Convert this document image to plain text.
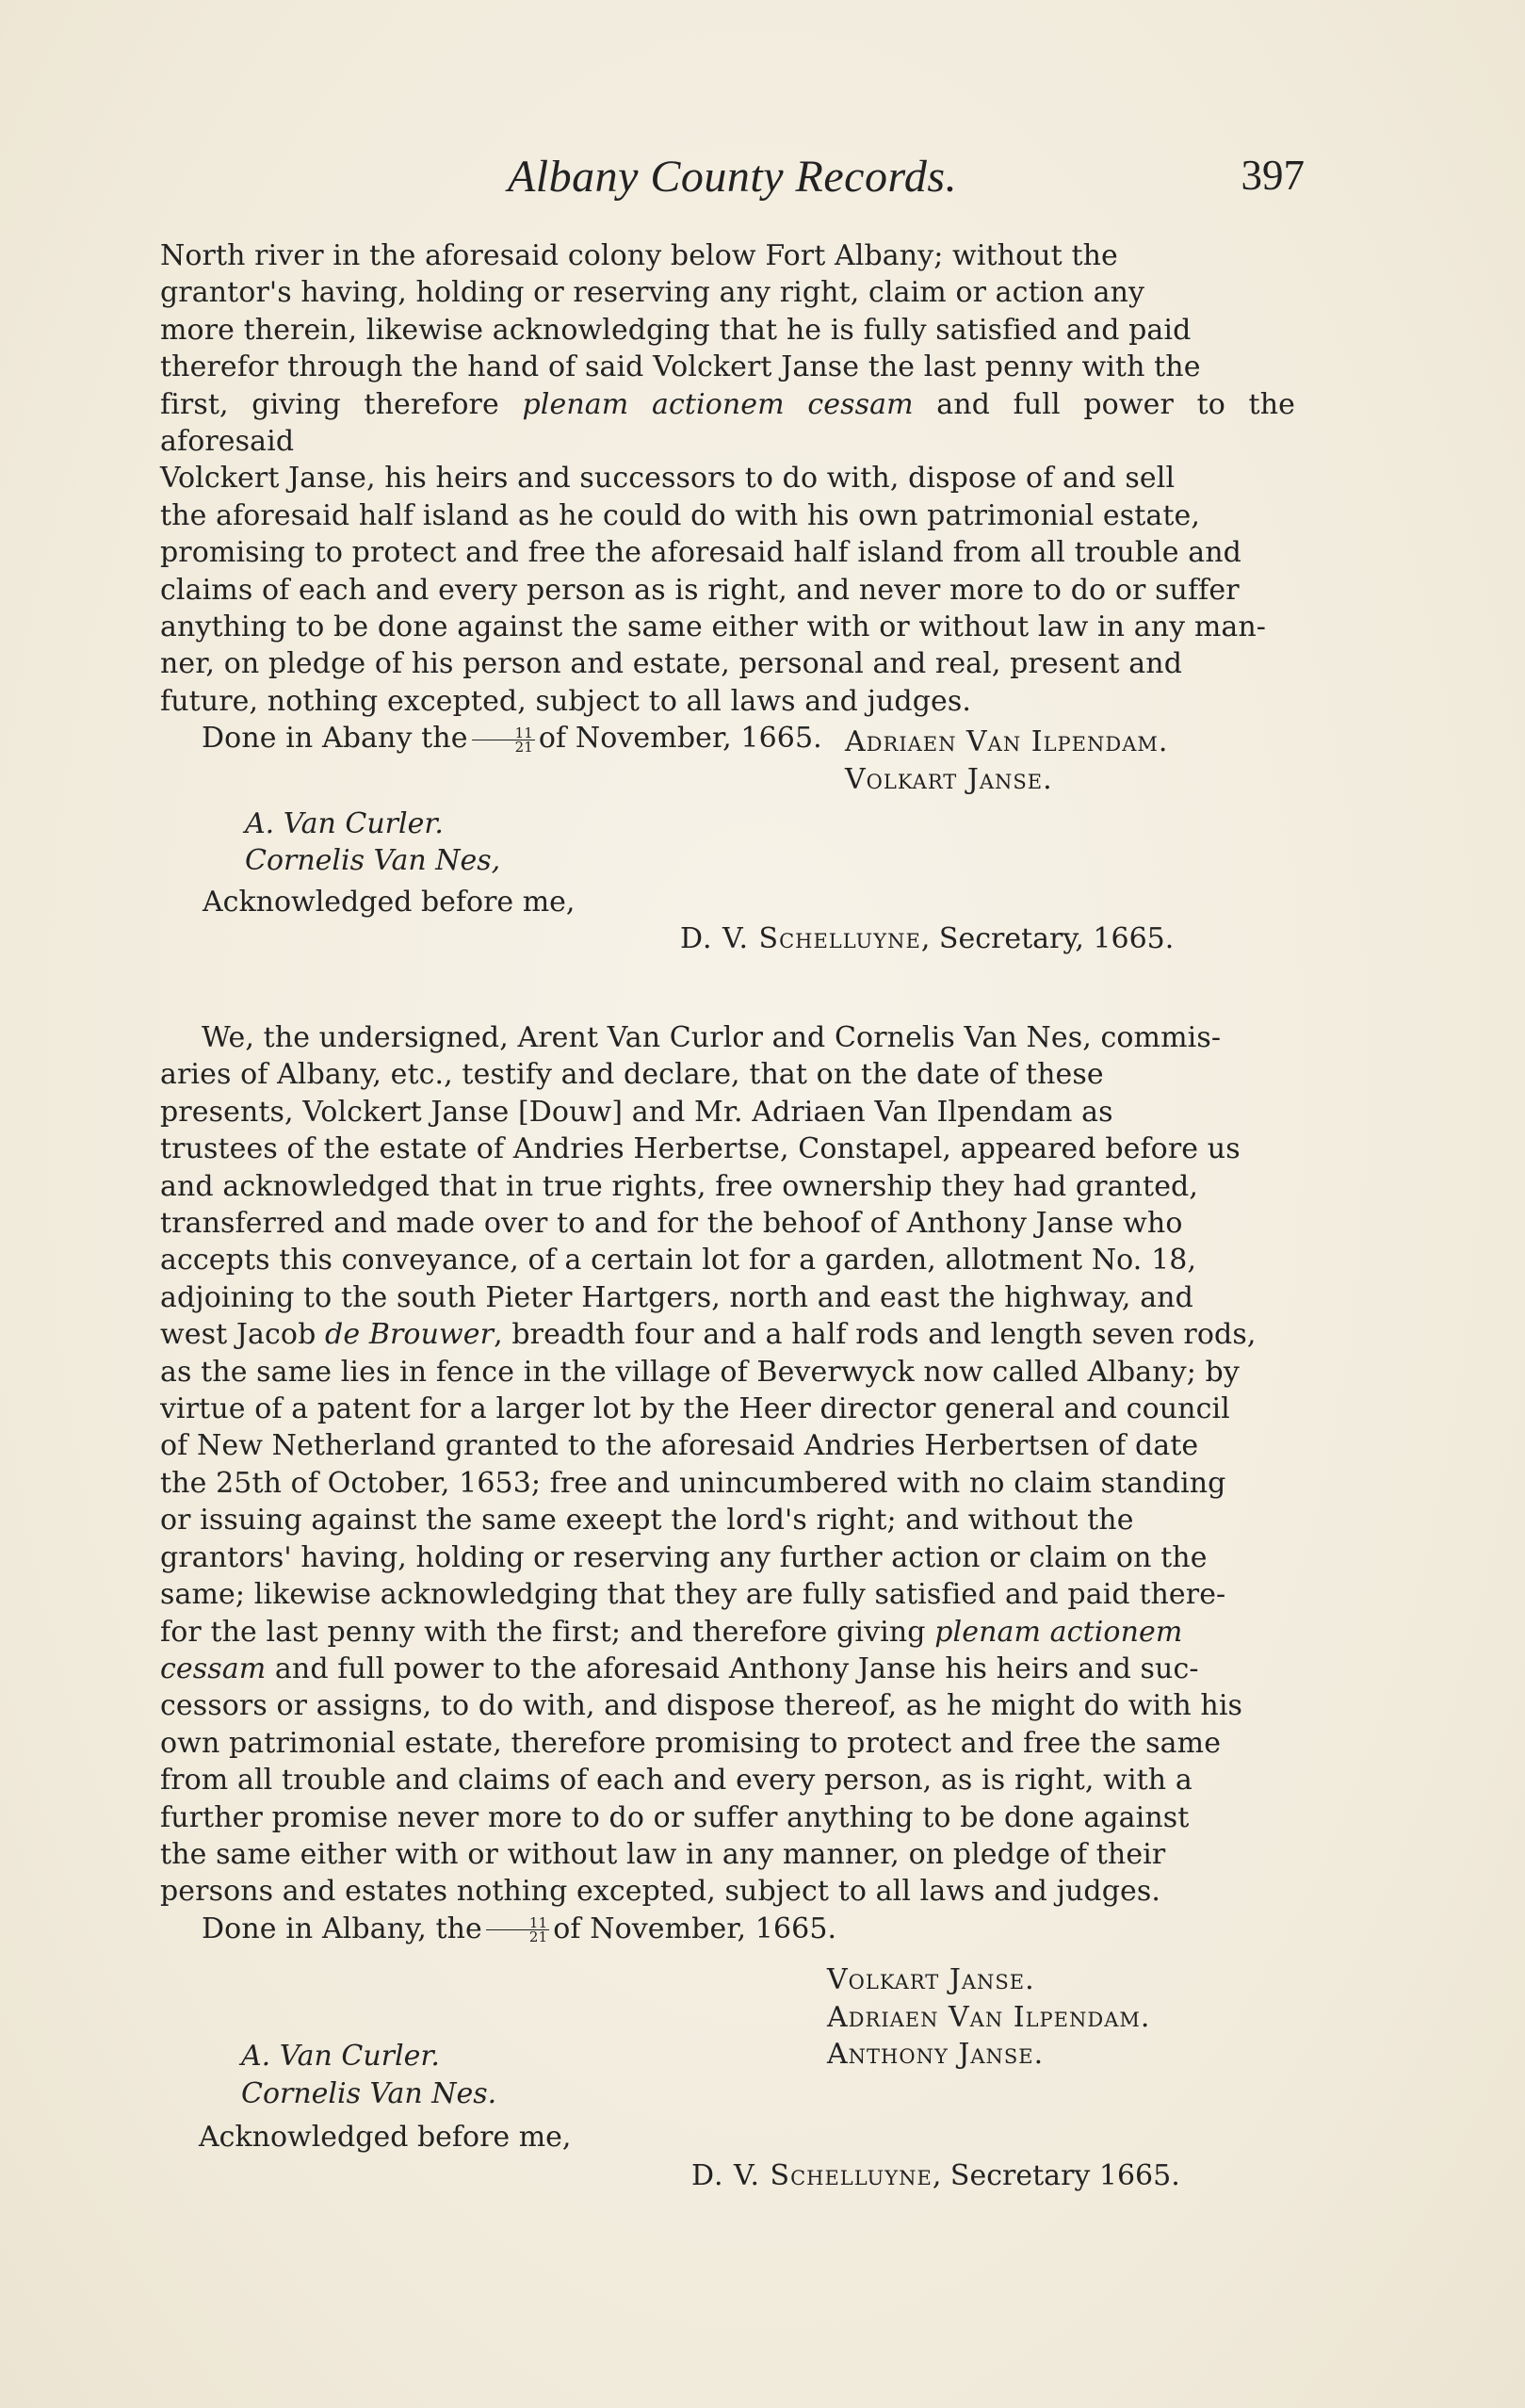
Albany County Records.	397

North river in the aforesaid colony below Fort Albany; without the

grantor's having, holding or reserving any right, claim or action any

more therein, likewise acknowledging that he is fully satisfied and paid

therefor through the hand of said Volckert Janse the last penny with the

first, giving therefore plenam actionem cessam and full power to the aforesaid

Volckert Janse, his heirs and successors to do with, dispose of and sell

the aforesaid half island as he could do with his own patrimonial estate,

promising to protect and free the aforesaid half island from all trouble and

claims of each and every person as is right, and never more to do or suffer

anything to be done against the same either with or without law in any man-

ner, on pledge of his person and estate, personal and real, present and

future, nothing excepted, subject to all laws and judges.

Done in Abany the $\frac{11}{21}$ of November, 1665. Adriaen Van Ilpendam.
Volkart Janse.
A. Van Curler.
Cornelis Van Nes,
Acknowledged before me,
D. V. Schelluyne, Secretary, 1665.

We, the undersigned, Arent Van Curlor and Cornelis Van Nes, commis-

aries of Albany, etc., testify and declare, that on the date of these

presents, Volckert Janse [Douw] and Mr. Adriaen Van Ilpendam as

trustees of the estate of Andries Herbertse, Constapel, appeared before us

and acknowledged that in true rights, free ownership they had granted,

transferred and made over to and for the behoof of Anthony Janse who

accepts this conveyance, of a certain lot for a garden, allotment No. 18,

adjoining to the south Pieter Hartgers, north and east the highway, and

west Jacob de Brouwer, breadth four and a half rods and length seven rods,

as the same lies in fence in the village of Beverwyck now called Albany; by

virtue of a patent for a larger lot by the Heer director general and council

of New Netherland granted to the aforesaid Andries Herbertsen of date

the 25th of October, 1653; free and unincumbered with no claim standing

or issuing against the same exeept the lord's right; and without the

grantors' having, holding or reserving any further action or claim on the

same; likewise acknowledging that they are fully satisfied and paid there-

for the last penny with the first; and therefore giving plenam actionem

cessam and full power to the aforesaid Anthony Janse his heirs and suc-

cessors or assigns, to do with, and dispose thereof, as he might do with his

own patrimonial estate, therefore promising to protect and free the same

from all trouble and claims of each and every person, as is right, with a

further promise never more to do or suffer anything to be done against

the same either with or without law in any manner, on pledge of their

persons and estates nothing excepted, subject to all laws and judges.

Done in Albany, the $\frac{11}{21}$ of November, 1665.

Volkart Janse.
Adriaen Van Ilpendam.
Anthony Janse.
A. Van Curler.
Cornelis Van Nes.
Acknowledged before me,
D. V. Schelluyne, Secretary 1665.
